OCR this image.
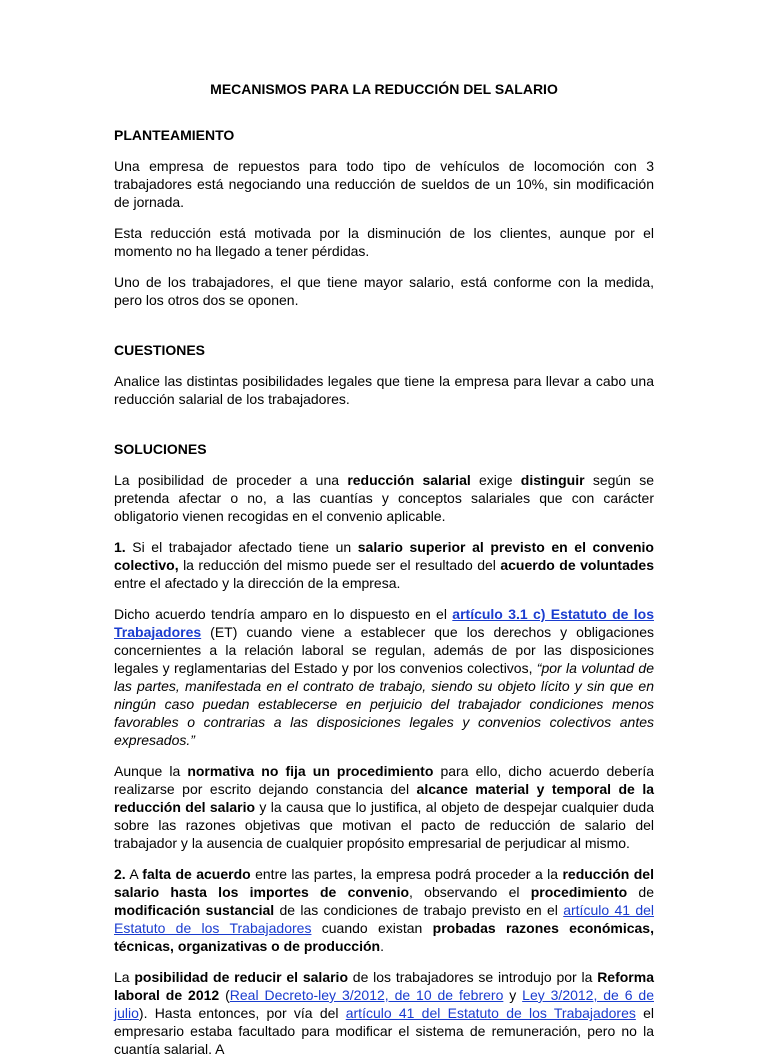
MECANISMOS PARA LA REDUCCIÓN DEL SALARIO
PLANTEAMIENTO

Una empresa de repuestos para todo tipo de vehículos de locomoción con 3 trabajadores está negociando una reducción de sueldos de un 10%, sin modificación de jornada.

Esta reducción está motivada por la disminución de los clientes, aunque por el momento no ha llegado a tener pérdidas.

Uno de los trabajadores, el que tiene mayor salario, está conforme con la medida, pero los otros dos se oponen.

CUESTIONES

Analice las distintas posibilidades legales que tiene la empresa para llevar a cabo una reducción salarial de los trabajadores.

SOLUCIONES

La posibilidad de proceder a una reducción salarial exige distinguir según se pretenda afectar o no, a las cuantías y conceptos salariales que con carácter obligatorio vienen recogidas en el convenio aplicable.

1. Si el trabajador afectado tiene un salario superior al previsto en el convenio colectivo, la reducción del mismo puede ser el resultado del acuerdo de voluntades entre el afectado y la dirección de la empresa.

Dicho acuerdo tendría amparo en lo dispuesto en el artículo 3.1 c) Estatuto de los Trabajadores (ET) cuando viene a establecer que los derechos y obligaciones concernientes a la relación laboral se regulan, además de por las disposiciones legales y reglamentarias del Estado y por los convenios colectivos, “por la voluntad de las partes, manifestada en el contrato de trabajo, siendo su objeto lícito y sin que en ningún caso puedan establecerse en perjuicio del trabajador condiciones menos favorables o contrarias a las disposiciones legales y convenios colectivos antes expresados.”

Aunque la normativa no fija un procedimiento para ello, dicho acuerdo debería realizarse por escrito dejando constancia del alcance material y temporal de la reducción del salario y la causa que lo justifica, al objeto de despejar cualquier duda sobre las razones objetivas que motivan el pacto de reducción de salario del trabajador y la ausencia de cualquier propósito empresarial de perjudicar al mismo.

2. A falta de acuerdo entre las partes, la empresa podrá proceder a la reducción del salario hasta los importes de convenio, observando el procedimiento de modificación sustancial de las condiciones de trabajo previsto en el artículo 41 del Estatuto de los Trabajadores cuando existan probadas razones económicas, técnicas, organizativas o de producción.

La posibilidad de reducir el salario de los trabajadores se introdujo por la Reforma laboral de 2012 (Real Decreto-ley 3/2012, de 10 de febrero y Ley 3/2012, de 6 de julio). Hasta entonces, por vía del artículo 41 del Estatuto de los Trabajadores el empresario estaba facultado para modificar el sistema de remuneración, pero no la cuantía salarial. A
